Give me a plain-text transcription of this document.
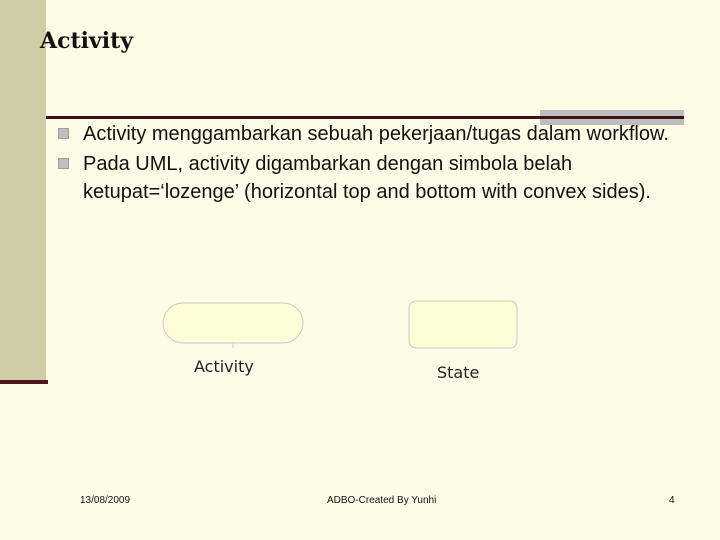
Activity
Activity menggambarkan sebuah pekerjaan/tugas dalam workflow.
Pada UML, activity digambarkan dengan simbola belah ketupat=‘lozenge’ (horizontal top and bottom with convex sides).
Activity	State
13/08/2009	ADBO-Created By Yunhi	4
